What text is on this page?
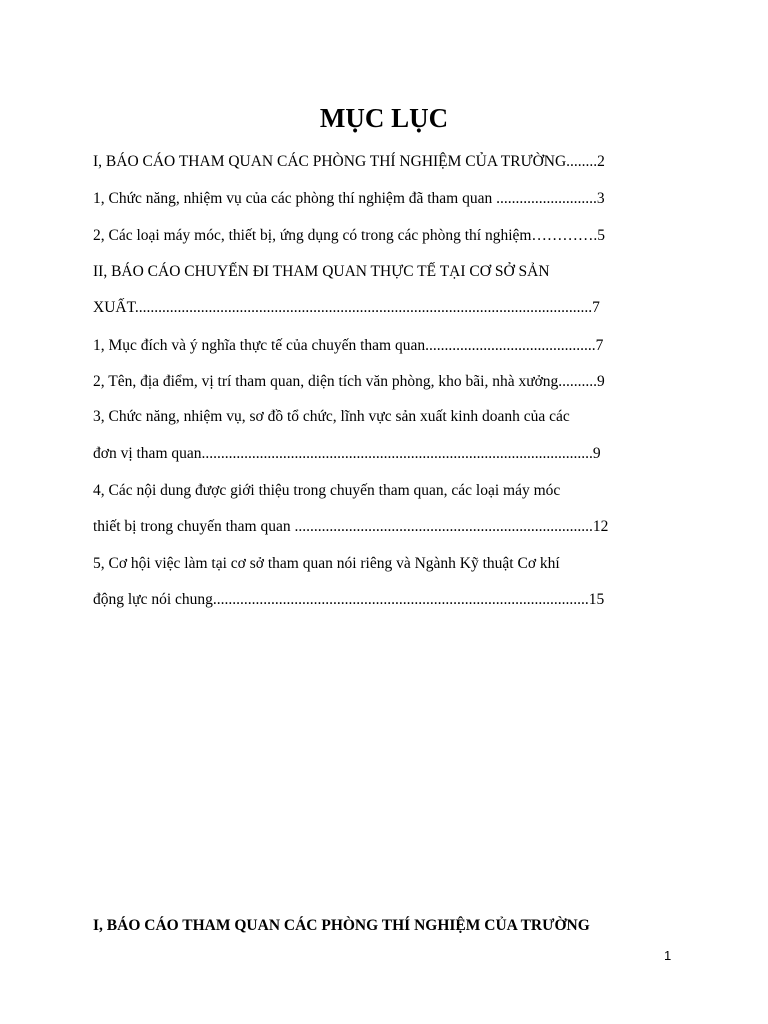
MỤC LỤC
I, BÁO CÁO THAM QUAN CÁC PHÒNG THÍ NGHIỆM CỦA TRƯỜNG........2
1, Chức năng, nhiệm vụ của các phòng thí nghiệm đã tham quan ..........................3
2, Các loại máy móc, thiết bị, ứng dụng có trong các phòng thí nghiệm………….5
II, BÁO CÁO CHUYẾN ĐI THAM QUAN THỰC TẾ TẠI CƠ SỞ SẢN
XUẤT......................................................................................................................7
1, Mục đích và ý nghĩa thực tế của chuyến tham quan............................................7
2, Tên, địa điểm, vị trí tham quan, diện tích văn phòng, kho bãi, nhà xưởng..........9
3, Chức năng, nhiệm vụ, sơ đồ tổ chức, lĩnh vực sản xuất kinh doanh của các
đơn vị tham quan.....................................................................................................9
4, Các nội dung được giới thiệu trong chuyến tham quan, các loại máy móc
thiết bị trong chuyến tham quan .............................................................................12
5, Cơ hội việc làm tại cơ sở tham quan nói riêng và Ngành Kỹ thuật Cơ khí
động lực nói chung.................................................................................................15
I, BÁO CÁO THAM QUAN CÁC PHÒNG THÍ NGHIỆM CỦA TRƯỜNG
1
